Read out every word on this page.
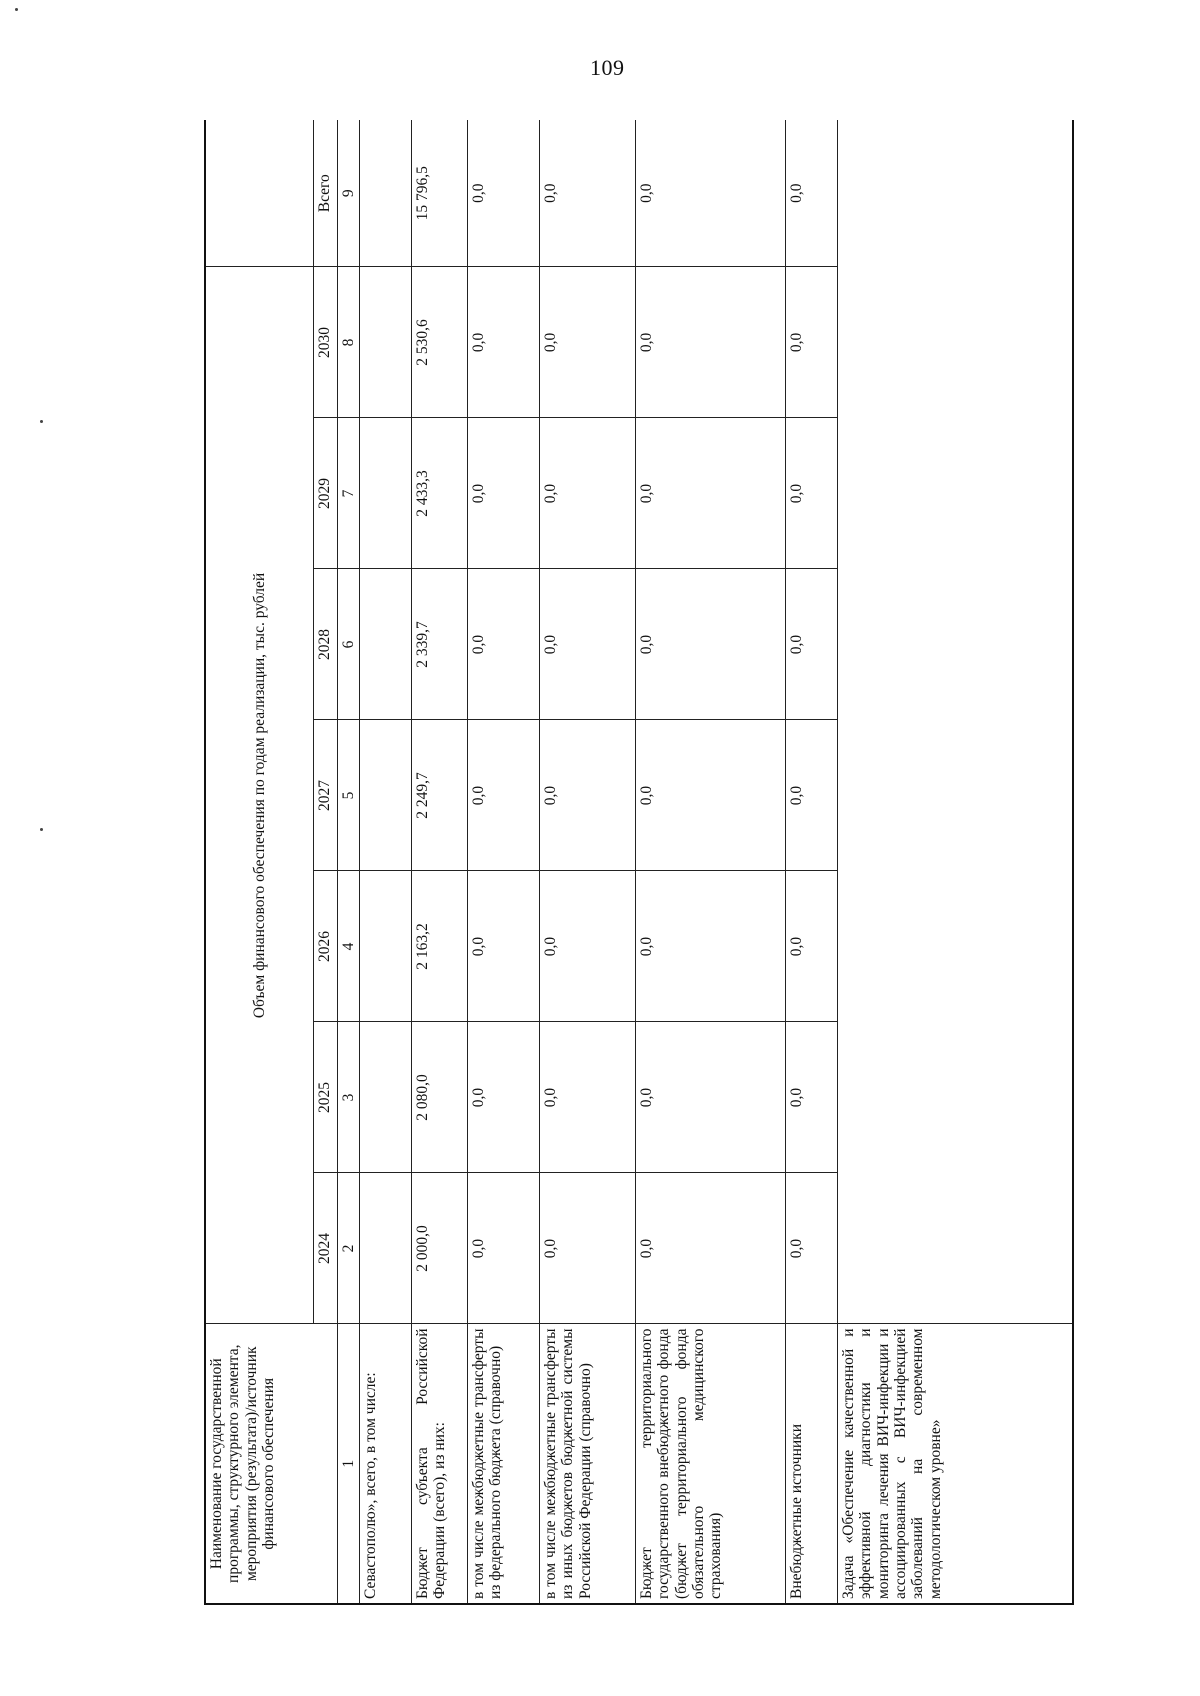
109
Наименование государственной программы, структурного элемента, мероприятия (результата)/источник финансового обеспечения	Объем финансового обеспечения по годам реализации, тыс. рублей							
	2024	2025	2026	2027	2028	2029	2030	Всего
1	2	3	4	5	6	7	8	9
Севастополю», всего, в том числе:								
Бюджет субъекта Российской Федерации (всего), из них:	2 000,0	2 080,0	2 163,2	2 249,7	2 339,7	2 433,3	2 530,6	15 796,5
в том числе межбюджетные трансферты из федерального бюджета (справочно)	0,0	0,0	0,0	0,0	0,0	0,0	0,0	0,0
в том числе межбюджетные трансферты из иных бюджетов бюджетной системы Российской Федерации (справочно)	0,0	0,0	0,0	0,0	0,0	0,0	0,0	0,0
Бюджет территориального государственного внебюджетного фонда (бюджет территориального фонда обязательного медицинского страхования)	0,0	0,0	0,0	0,0	0,0	0,0	0,0	0,0
Внебюджетные источники	0,0	0,0	0,0	0,0	0,0	0,0	0,0	0,0
Задача «Обеспечение качественной и эффективной диагностики и мониторинга лечения ВИЧ-инфекции и ассоциированных с ВИЧ-инфекцией заболеваний на современном методологическом уровне»								
